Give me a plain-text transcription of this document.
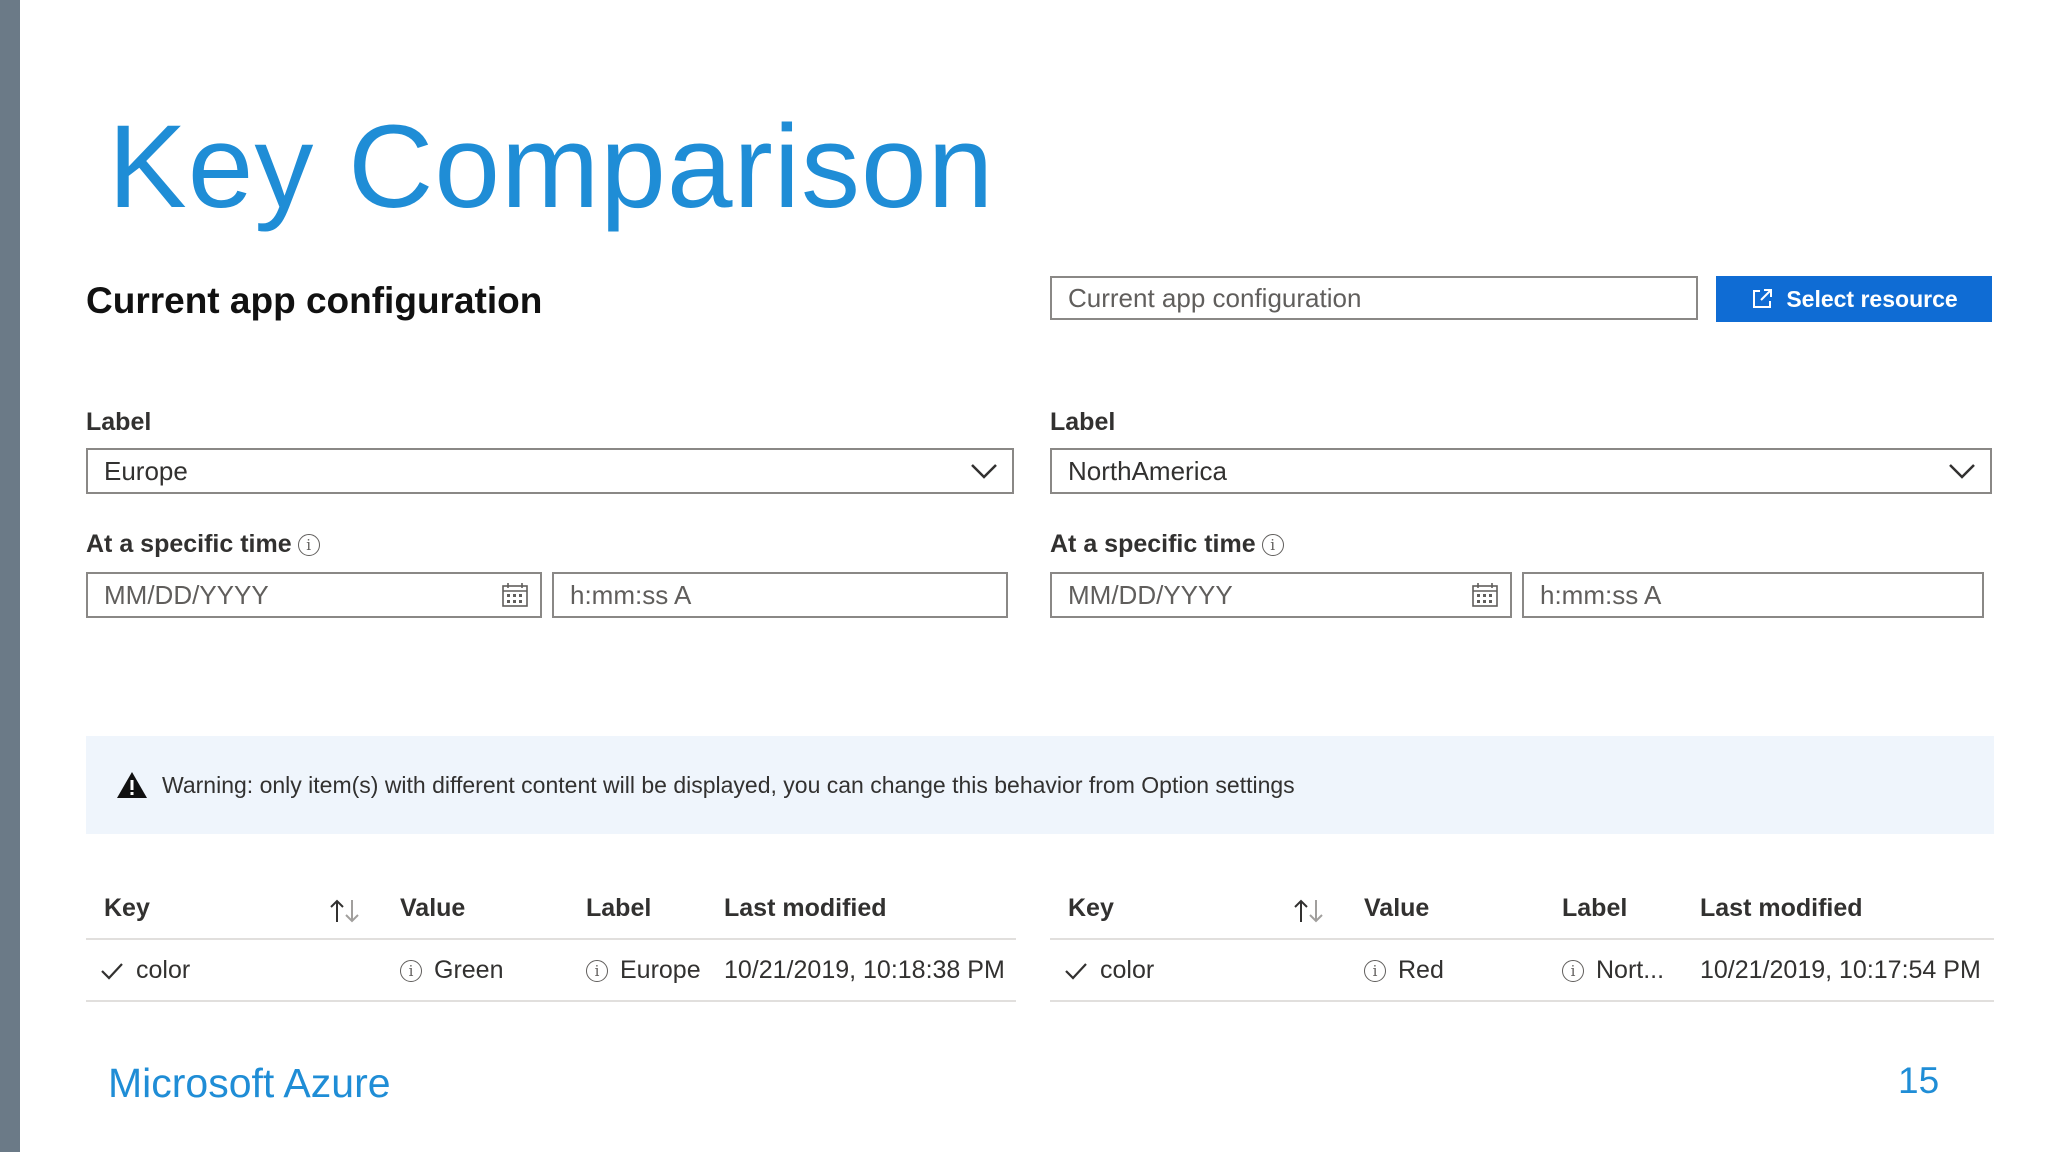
Key Comparison
Current app configuration	Current app configuration	Select resource
Label
Europe
At a specific time i
MM/DD/YYYY	h:mm:ss A
Label
NorthAmerica
At a specific time i
MM/DD/YYYY	h:mm:ss A
Warning: only item(s) with different content will be displayed, you can change this behavior from Option settings
Key	Value	Label	Last modified
color	i Green	i Europe 10/21/2019, 10:18:38 PM
Key	Value	Label	Last modified
color	i Red	i Nort... 10/21/2019, 10:17:54 PM
Microsoft Azure	15
